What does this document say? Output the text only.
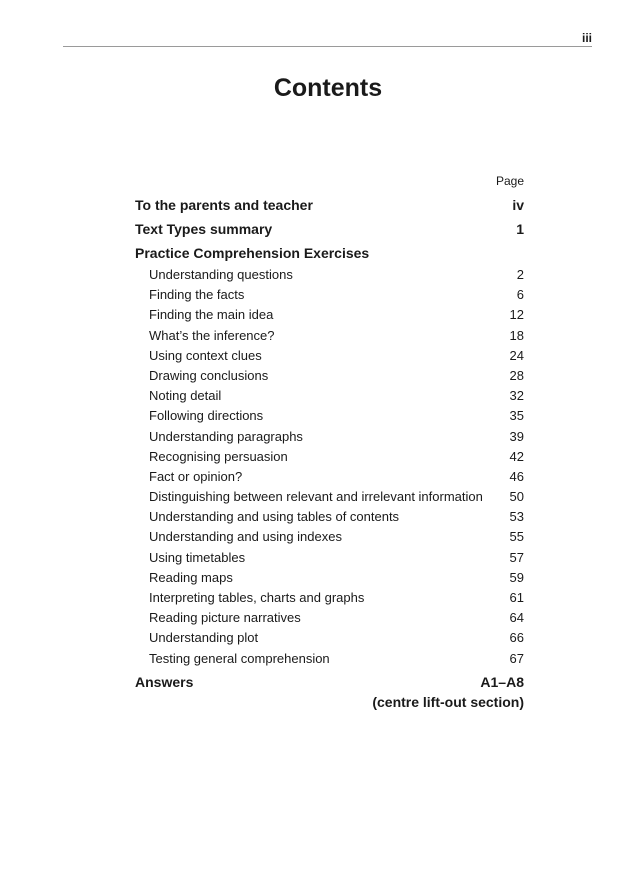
iii
Contents
Page
To the parents and teacher	iv
Text Types summary	1
Practice Comprehension Exercises
Understanding questions	2
Finding the facts	6
Finding the main idea	12
What’s the inference?	18
Using context clues	24
Drawing conclusions	28
Noting detail	32
Following directions	35
Understanding paragraphs	39
Recognising persuasion	42
Fact or opinion?	46
Distinguishing between relevant and irrelevant information 50
Understanding and using tables of contents	53
Understanding and using indexes	55
Using timetables	57
Reading maps	59
Interpreting tables, charts and graphs	61
Reading picture narratives	64
Understanding plot	66
Testing general comprehension	67
Answers	A1–A8
(centre lift-out section)
